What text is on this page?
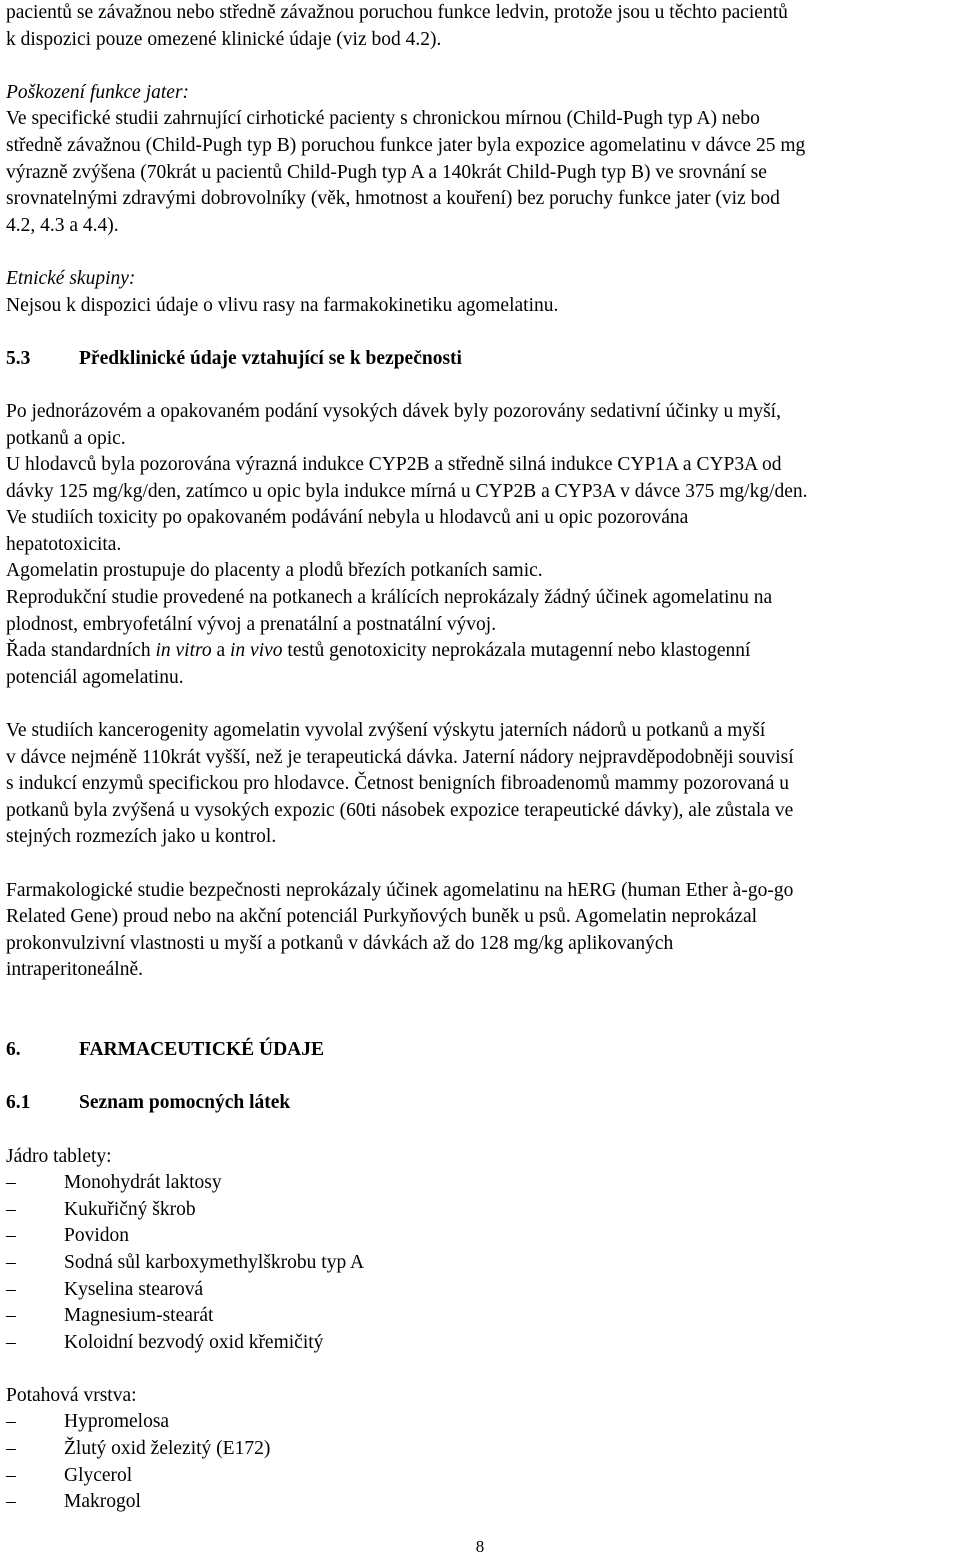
pacientů se závažnou nebo středně závažnou poruchou funkce ledvin, protože jsou u těchto pacientů

k dispozici pouze omezené klinické údaje (viz bod 4.2).

Poškození funkce jater:

Ve specifické studii zahrnující cirhotické pacienty s chronickou mírnou (Child-Pugh typ A) nebo

středně závažnou (Child-Pugh typ B) poruchou funkce jater byla expozice agomelatinu v dávce 25 mg

výrazně zvýšena (70krát u pacientů Child-Pugh typ A a 140krát Child-Pugh typ B) ve srovnání se

srovnatelnými zdravými dobrovolníky (věk, hmotnost a kouření) bez poruchy funkce jater (viz bod

4.2, 4.3 a 4.4).

Etnické skupiny:

Nejsou k dispozici údaje o vlivu rasy na farmakokinetiku agomelatinu.

5.3	Předklinické údaje vztahující se k bezpečnosti

Po jednorázovém a opakovaném podání vysokých dávek byly pozorovány sedativní účinky u myší,

potkanů a opic.

U hlodavců byla pozorována výrazná indukce CYP2B a středně silná indukce CYP1A a CYP3A od

dávky 125 mg/kg/den, zatímco u opic byla indukce mírná u CYP2B a CYP3A v dávce 375 mg/kg/den.

Ve studiích toxicity po opakovaném podávání nebyla u hlodavců ani u opic pozorována

hepatotoxicita.

Agomelatin prostupuje do placenty a plodů březích potkaních samic.

Reprodukční studie provedené na potkanech a králících neprokázaly žádný účinek agomelatinu na

plodnost, embryofetální vývoj a prenatální a postnatální vývoj.

Řada standardních in vitro a in vivo testů genotoxicity neprokázala mutagenní nebo klastogenní

potenciál agomelatinu.

Ve studiích kancerogenity agomelatin vyvolal zvýšení výskytu jaterních nádorů u potkanů a myší

v dávce nejméně 110krát vyšší, než je terapeutická dávka. Jaterní nádory nejpravděpodobněji souvisí

s indukcí enzymů specifickou pro hlodavce. Četnost benigních fibroadenomů mammy pozorovaná u

potkanů byla zvýšená u vysokých expozic (60ti násobek expozice terapeutické dávky), ale zůstala ve

stejných rozmezích jako u kontrol.

Farmakologické studie bezpečnosti neprokázaly účinek agomelatinu na hERG (human Ether à-go-go

Related Gene) proud nebo na akční potenciál Purkyňových buněk u psů. Agomelatin neprokázal

prokonvulzivní vlastnosti u myší a potkanů v dávkách až do 128 mg/kg aplikovaných

intraperitoneálně.

6.	FARMACEUTICKÉ ÚDAJE
6.1	Seznam pomocných látek

Jádro tablety:

–	Monohydrát laktosy
–	Kukuřičný škrob
–	Povidon
–	Sodná sůl karboxymethylškrobu typ A
–	Kyselina stearová
–	Magnesium-stearát
–	Koloidní bezvodý oxid křemičitý

Potahová vrstva:

–	Hypromelosa
–	Žlutý oxid železitý (E172)
–	Glycerol
–	Makrogol
8
